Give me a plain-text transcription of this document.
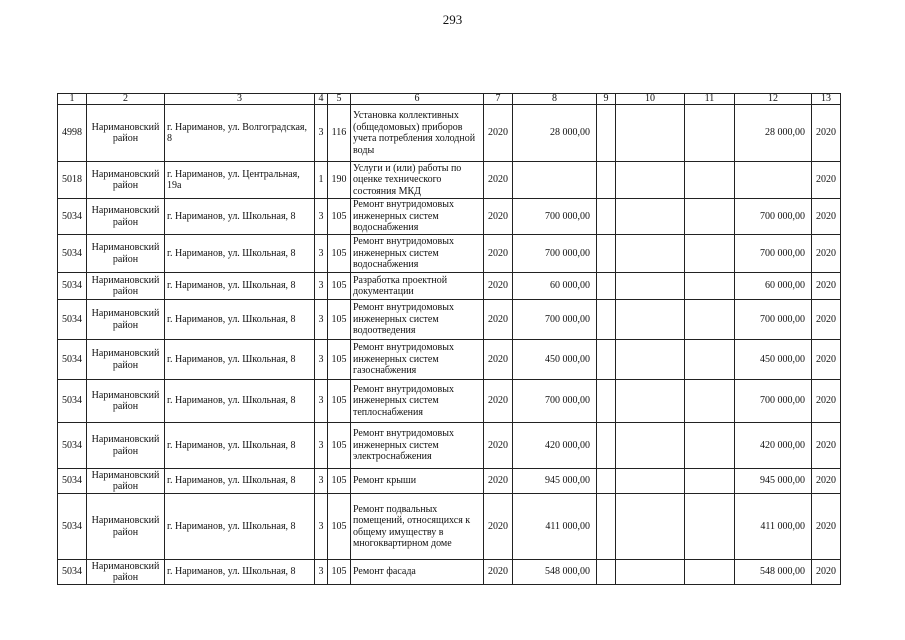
293
1	2	3	4	5	6	7	8	9	10	11	12	13
4998	Наримановский район	г. Нариманов, ул. Волгоградская, 8	3	116	Установка коллективных (общедомовых) приборов учета потребления холодной воды	2020	28 000,00				28 000,00	2020
5018	Наримановский район	г. Нариманов, ул. Центральная, 19а	1	190	Услуги и (или) работы по оценке технического состояния МКД	2020						2020
5034	Наримановский район	г. Нариманов, ул. Школьная, 8	3	105	Ремонт внутридомовых инженерных систем водоснабжения	2020	700 000,00				700 000,00	2020
5034	Наримановский район	г. Нариманов, ул. Школьная, 8	3	105	Ремонт внутридомовых инженерных систем водоснабжения	2020	700 000,00				700 000,00	2020
5034	Наримановский район	г. Нариманов, ул. Школьная, 8	3	105	Разработка проектной документации	2020	60 000,00				60 000,00	2020
5034	Наримановский район	г. Нариманов, ул. Школьная, 8	3	105	Ремонт внутридомовых инженерных систем водоотведения	2020	700 000,00				700 000,00	2020
5034	Наримановский район	г. Нариманов, ул. Школьная, 8	3	105	Ремонт внутридомовых инженерных систем газоснабжения	2020	450 000,00				450 000,00	2020
5034	Наримановский район	г. Нариманов, ул. Школьная, 8	3	105	Ремонт внутридомовых инженерных систем теплоснабжения	2020	700 000,00				700 000,00	2020
5034	Наримановский район	г. Нариманов, ул. Школьная, 8	3	105	Ремонт внутридомовых инженерных систем электроснабжения	2020	420 000,00				420 000,00	2020
5034	Наримановский район	г. Нариманов, ул. Школьная, 8	3	105	Ремонт крыши	2020	945 000,00				945 000,00	2020
5034	Наримановский район	г. Нариманов, ул. Школьная, 8	3	105	Ремонт подвальных помещений, относящихся к общему имуществу в многоквартирном доме	2020	411 000,00				411 000,00	2020
5034	Наримановский район	г. Нариманов, ул. Школьная, 8	3	105	Ремонт фасада	2020	548 000,00				548 000,00	2020
